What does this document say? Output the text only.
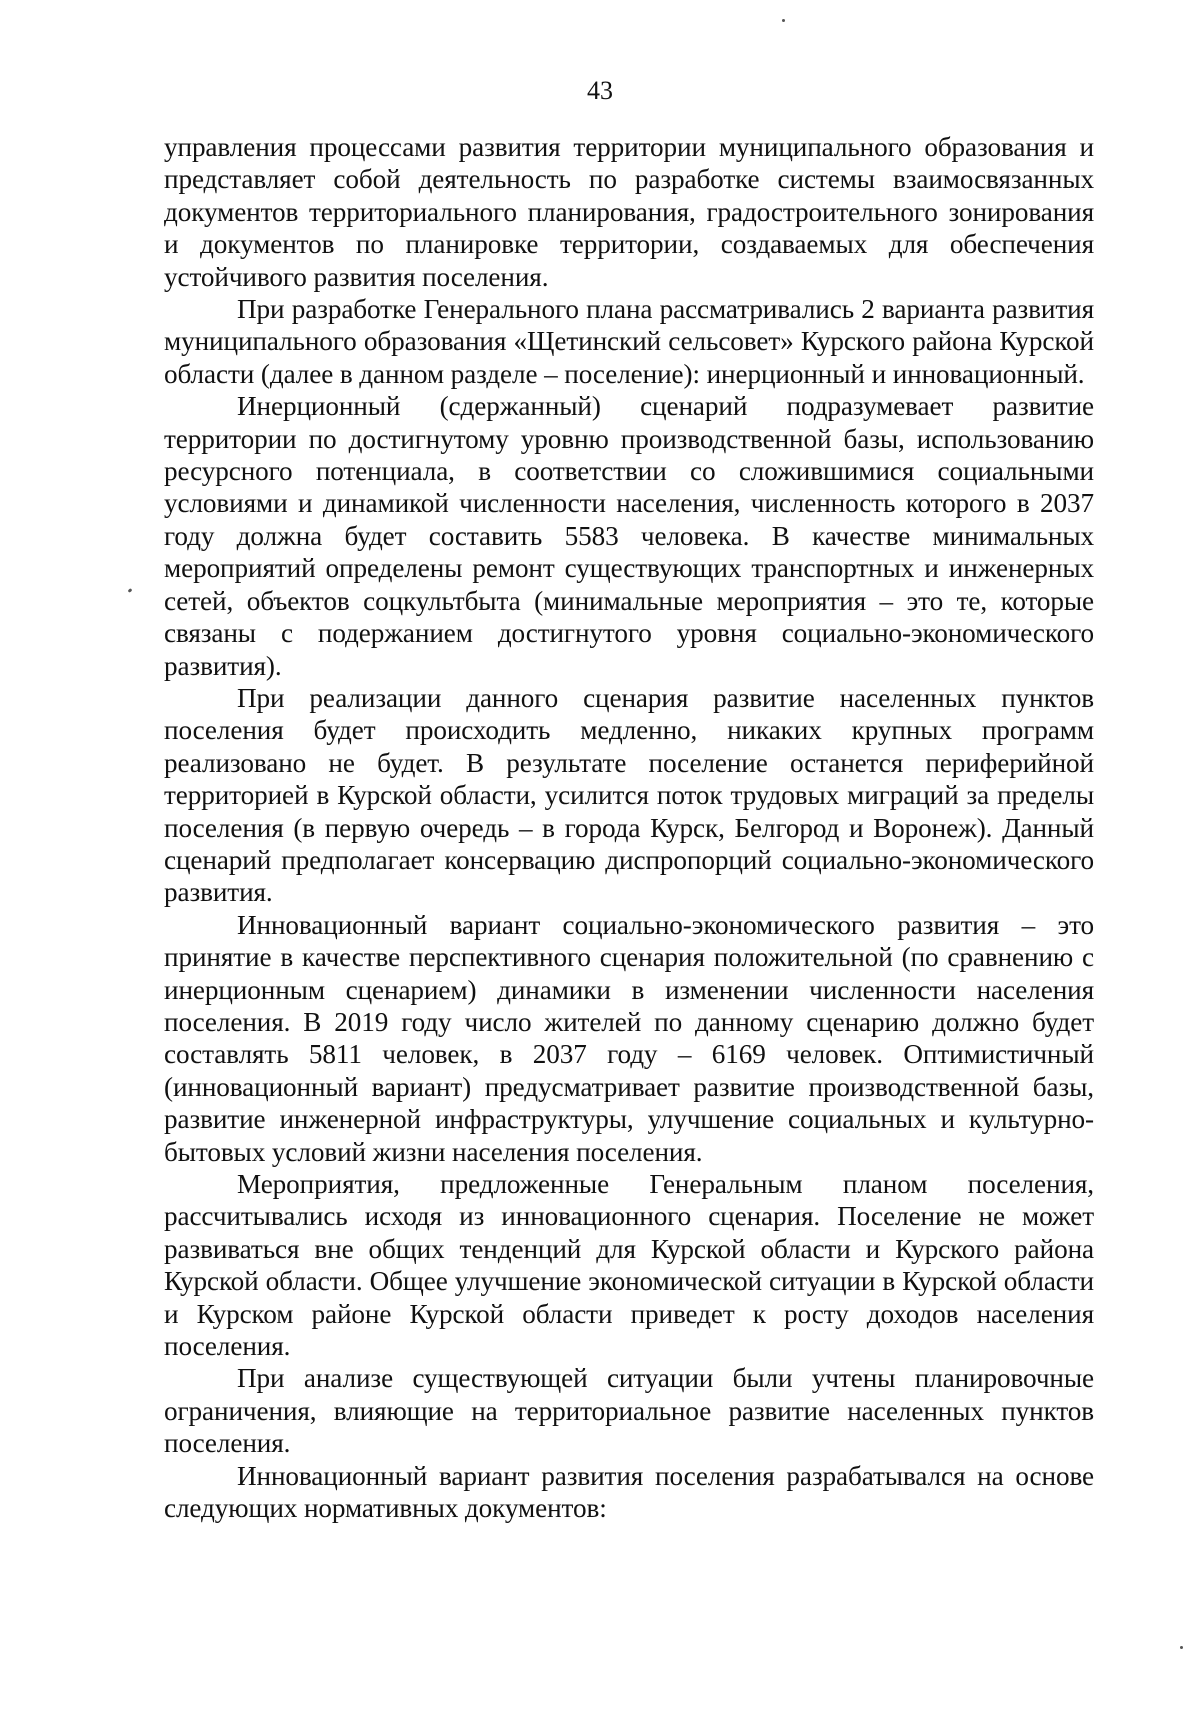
43

управления процессами развития территории муниципального образования и представляет собой деятельность по разработке системы взаимосвязанных документов территориального планирования, градостроительного зонирования и документов по планировке территории, создаваемых для обеспечения устойчивого развития поселения.

При разработке Генерального плана рассматривались 2 варианта развития муниципального образования «Щетинский сельсовет» Курского района Курской области (далее в данном разделе – поселение): инерционный и инновационный.

Инерционный (сдержанный) сценарий подразумевает развитие территории по достигнутому уровню производственной базы, использованию ресурсного потенциала, в соответствии со сложившимися социальными условиями и динамикой численности населения, численность которого в 2037 году должна будет составить 5583 человека. В качестве минимальных мероприятий определены ремонт существующих транспортных и инженерных сетей, объектов соцкультбыта (минимальные мероприятия – это те, которые связаны с подержанием достигнутого уровня социально-экономического развития).

При реализации данного сценария развитие населенных пунктов поселения будет происходить медленно, никаких крупных программ реализовано не будет. В результате поселение останется периферийной территорией в Курской области, усилится поток трудовых миграций за пределы поселения (в первую очередь – в города Курск, Белгород и Воронеж). Данный сценарий предполагает консервацию диспропорций социально-экономического развития.

Инновационный вариант социально-экономического развития – это принятие в качестве перспективного сценария положительной (по сравнению с инерционным сценарием) динамики в изменении численности населения поселения. В 2019 году число жителей по данному сценарию должно будет составлять 5811 человек, в 2037 году – 6169 человек. Оптимистичный (инновационный вариант) предусматривает развитие производственной базы, развитие инженерной инфраструктуры, улучшение социальных и культурно-бытовых условий жизни населения поселения.

Мероприятия, предложенные Генеральным планом поселения, рассчитывались исходя из инновационного сценария. Поселение не может развиваться вне общих тенденций для Курской области и Курского района Курской области. Общее улучшение экономической ситуации в Курской области и Курском районе Курской области приведет к росту доходов населения поселения.

При анализе существующей ситуации были учтены планировочные ограничения, влияющие на территориальное развитие населенных пунктов поселения.

Инновационный вариант развития поселения разрабатывался на основе следующих нормативных документов:
